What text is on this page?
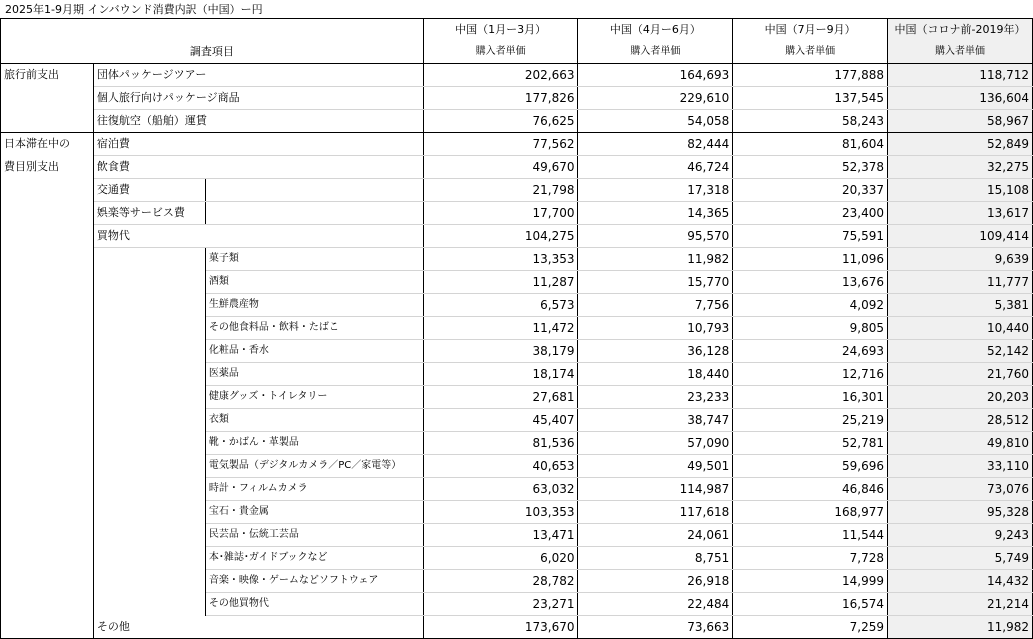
2025年1-9月期 インバウンド消費内訳（中国）ー円
			中国（1月ー3月）	中国（4月ー6月）	中国（7月ー9月）	中国（コロナ前-2019年）
調査項目			購入者単価	購入者単価	購入者単価	購入者単価
旅行前支出	団体パッケージツアー		202,663	164,693	177,888	118,712
	個人旅行向けパッケージ商品		177,826	229,610	137,545	136,604
	往復航空（船舶）運賃		76,625	54,058	58,243	58,967
日本滞在中の	宿泊費		77,562	82,444	81,604	52,849
費目別支出	飲食費		49,670	46,724	52,378	32,275
	交通費		21,798	17,318	20,337	15,108
	娯楽等サービス費		17,700	14,365	23,400	13,617
	買物代		104,275	95,570	75,591	109,414
		菓子類	13,353	11,982	11,096	9,639
		酒類	11,287	15,770	13,676	11,777
		生鮮農産物	6,573	7,756	4,092	5,381
		その他食料品・飲料・たばこ	11,472	10,793	9,805	10,440
		化粧品・香水	38,179	36,128	24,693	52,142
		医薬品	18,174	18,440	12,716	21,760
		健康グッズ・トイレタリー	27,681	23,233	16,301	20,203
		衣類	45,407	38,747	25,219	28,512
		靴・かばん・革製品	81,536	57,090	52,781	49,810
		電気製品（デジタルカメラ／PC／家電等）	40,653	49,501	59,696	33,110
		時計・フィルムカメラ	63,032	114,987	46,846	73,076
		宝石・貴金属	103,353	117,618	168,977	95,328
		民芸品・伝統工芸品	13,471	24,061	11,544	9,243
		本･雑誌･ガイドブックなど	6,020	8,751	7,728	5,749
		音楽・映像・ゲームなどソフトウェア	28,782	26,918	14,999	14,432
		その他買物代	23,271	22,484	16,574	21,214
	その他		173,670	73,663	7,259	11,982
